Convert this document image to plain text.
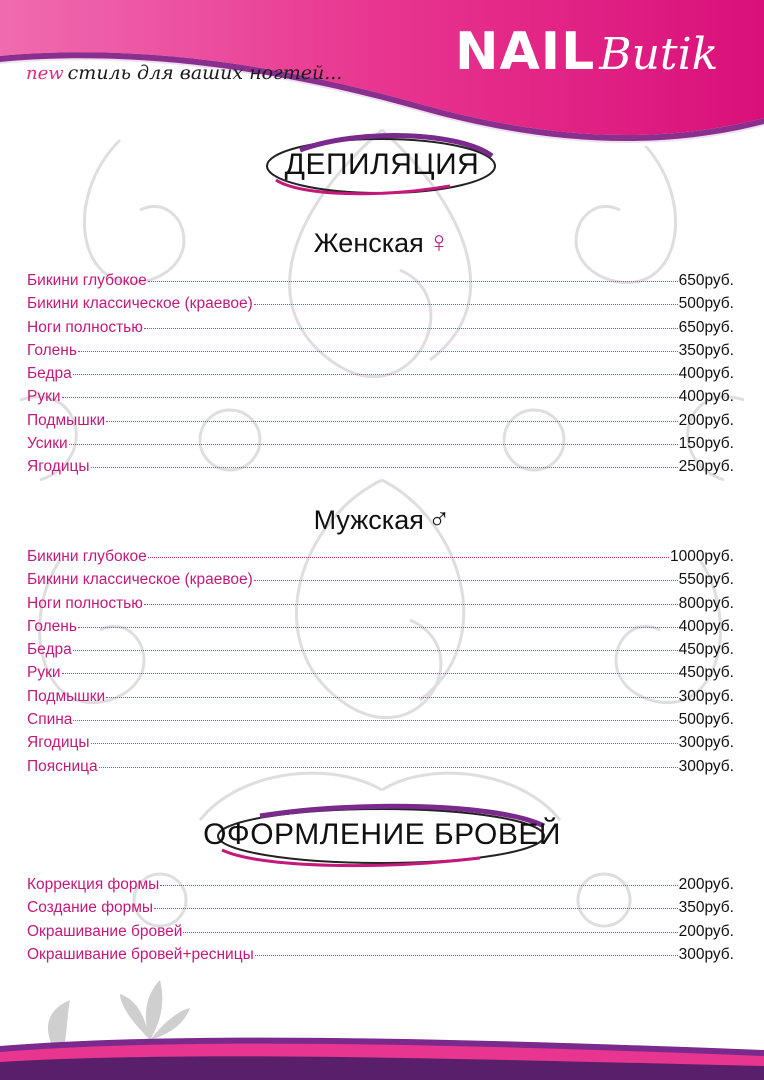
NAILButik
new стиль для ваших ногтей...
ДЕПИЛЯЦИЯ
Женская ♀
Бикини глубокое	650руб.
Бикини классическое (краевое)	500руб.
Ноги полностью	650руб.
Голень	350руб.
Бедра	400руб.
Руки	400руб.
Подмышки	200руб.
Усики	150руб.
Ягодицы	250руб.
Мужская ♂
Бикини глубокое	1000руб.
Бикини классическое (краевое)	550руб.
Ноги полностью	800руб.
Голень	400руб.
Бедра	450руб.
Руки	450руб.
Подмышки	300руб.
Спина	500руб.
Ягодицы	300руб.
Поясница	300руб.
ОФОРМЛЕНИЕ БРОВЕЙ
Коррекция формы	200руб.
Создание формы	350руб.
Окрашивание бровей	200руб.
Окрашивание бровей+ресницы	300руб.
